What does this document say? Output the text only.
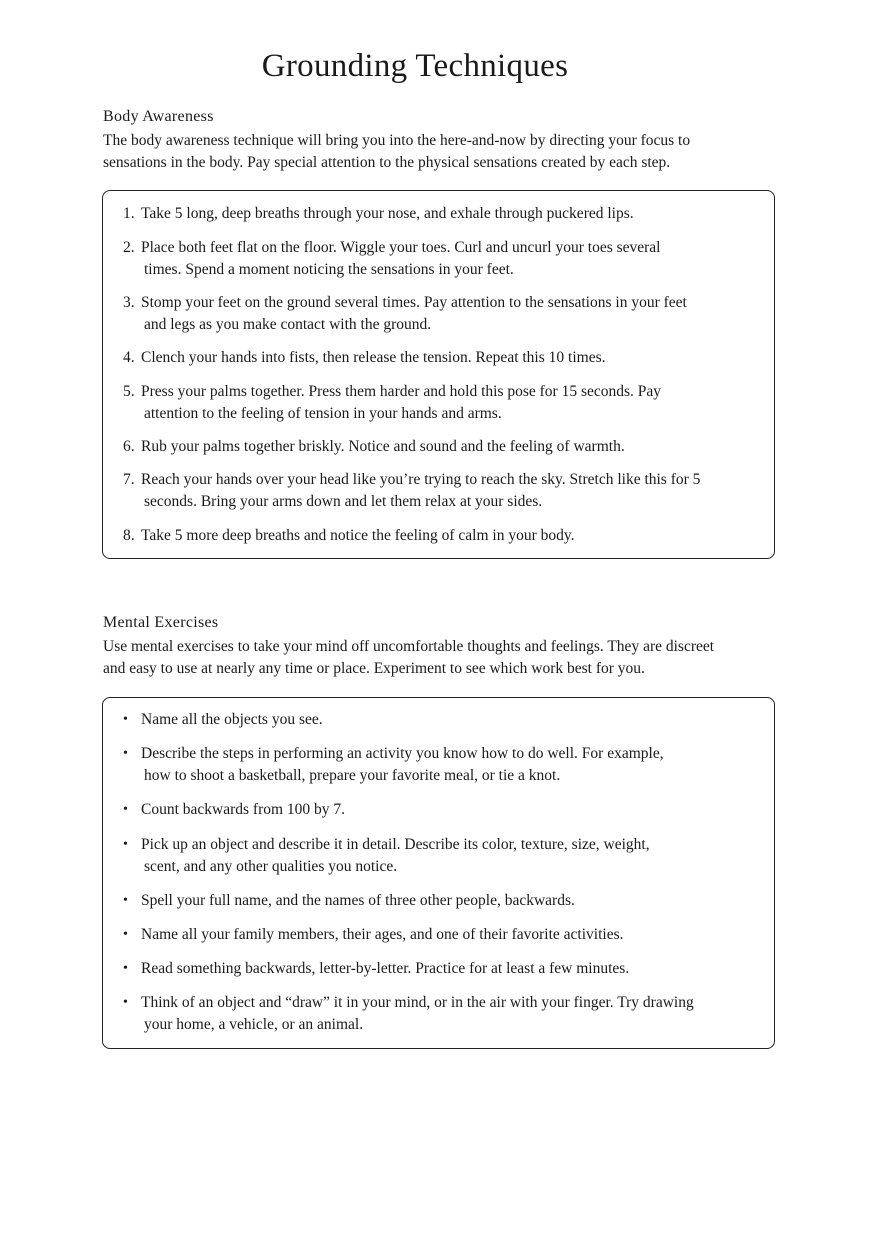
Grounding Techniques
Body Awareness

The body awareness technique will bring you into the here-and-now by directing your focus to sensations in the body. Pay special attention to the physical sensations created by each step.

1. Take 5 long, deep breaths through your nose, and exhale through puckered lips.
2. Place both feet flat on the floor. Wiggle your toes. Curl and uncurl your toes several
times. Spend a moment noticing the sensations in your feet.
3. Stomp your feet on the ground several times. Pay attention to the sensations in your feet
and legs as you make contact with the ground.
4. Clench your hands into fists, then release the tension. Repeat this 10 times.
5. Press your palms together. Press them harder and hold this pose for 15 seconds. Pay
attention to the feeling of tension in your hands and arms.
6. Rub your palms together briskly. Notice and sound and the feeling of warmth.
7. Reach your hands over your head like you’re trying to reach the sky. Stretch like this for 5
seconds. Bring your arms down and let them relax at your sides.
8. Take 5 more deep breaths and notice the feeling of calm in your body.
Mental Exercises

Use mental exercises to take your mind off uncomfortable thoughts and feelings. They are discreet and easy to use at nearly any time or place. Experiment to see which work best for you.

• Name all the objects you see.
• Describe the steps in performing an activity you know how to do well. For example,
how to shoot a basketball, prepare your favorite meal, or tie a knot.
• Count backwards from 100 by 7.
• Pick up an object and describe it in detail. Describe its color, texture, size, weight,
scent, and any other qualities you notice.
• Spell your full name, and the names of three other people, backwards.
• Name all your family members, their ages, and one of their favorite activities.
• Read something backwards, letter-by-letter. Practice for at least a few minutes.
• Think of an object and “draw” it in your mind, or in the air with your finger. Try drawing
your home, a vehicle, or an animal.
